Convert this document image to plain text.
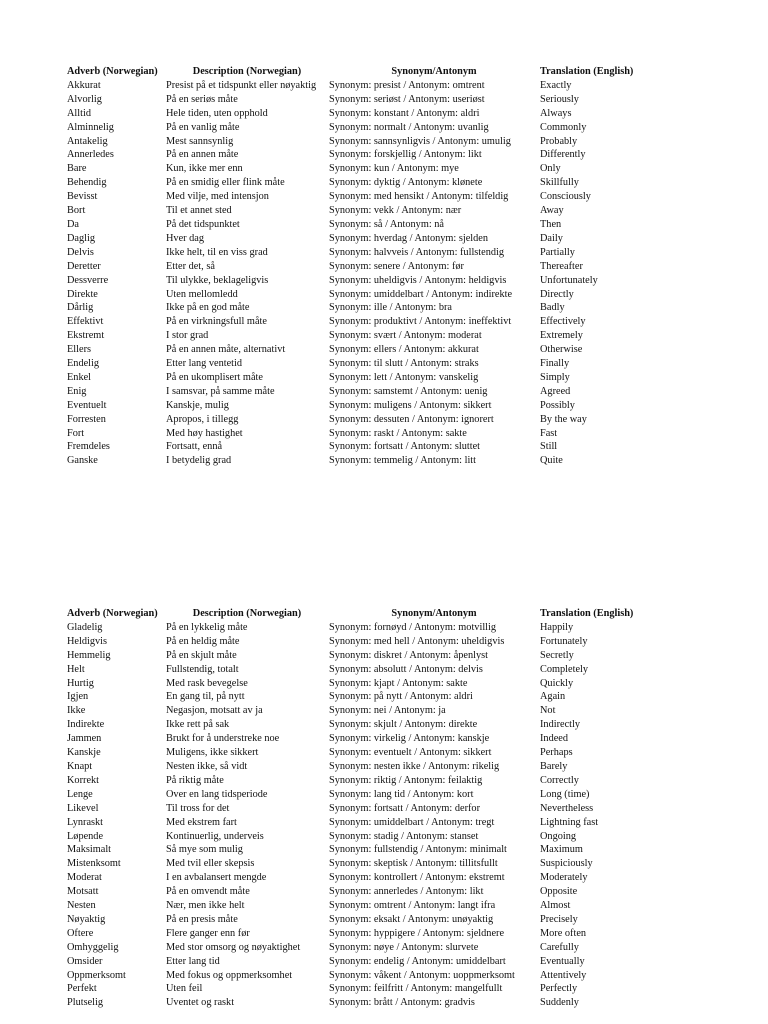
Adverb (Norwegian)	Description (Norwegian)	Synonym/Antonym	Translation (English)
Akkurat	Presist på et tidspunkt eller nøyaktig	Synonym: presist / Antonym: omtrent	Exactly
Alvorlig	På en seriøs måte	Synonym: seriøst / Antonym: useriøst	Seriously
Alltid	Hele tiden, uten opphold	Synonym: konstant / Antonym: aldri	Always
Alminnelig	På en vanlig måte	Synonym: normalt / Antonym: uvanlig	Commonly
Antakelig	Mest sannsynlig	Synonym: sannsynligvis / Antonym: umulig	Probably
Annerledes	På en annen måte	Synonym: forskjellig / Antonym: likt	Differently
Bare	Kun, ikke mer enn	Synonym: kun / Antonym: mye	Only
Behendig	På en smidig eller flink måte	Synonym: dyktig / Antonym: klønete	Skillfully
Bevisst	Med vilje, med intensjon	Synonym: med hensikt / Antonym: tilfeldig	Consciously
Bort	Til et annet sted	Synonym: vekk / Antonym: nær	Away
Da	På det tidspunktet	Synonym: så / Antonym: nå	Then
Daglig	Hver dag	Synonym: hverdag / Antonym: sjelden	Daily
Delvis	Ikke helt, til en viss grad	Synonym: halvveis / Antonym: fullstendig	Partially
Deretter	Etter det, så	Synonym: senere / Antonym: før	Thereafter
Dessverre	Til ulykke, beklageligvis	Synonym: uheldigvis / Antonym: heldigvis	Unfortunately
Direkte	Uten mellomledd	Synonym: umiddelbart / Antonym: indirekte	Directly
Dårlig	Ikke på en god måte	Synonym: ille / Antonym: bra	Badly
Effektivt	På en virkningsfull måte	Synonym: produktivt / Antonym: ineffektivt	Effectively
Ekstremt	I stor grad	Synonym: svært / Antonym: moderat	Extremely
Ellers	På en annen måte, alternativt	Synonym: ellers / Antonym: akkurat	Otherwise
Endelig	Etter lang ventetid	Synonym: til slutt / Antonym: straks	Finally
Enkel	På en ukomplisert måte	Synonym: lett / Antonym: vanskelig	Simply
Enig	I samsvar, på samme måte	Synonym: samstemt / Antonym: uenig	Agreed
Eventuelt	Kanskje, mulig	Synonym: muligens / Antonym: sikkert	Possibly
Forresten	Apropos, i tillegg	Synonym: dessuten / Antonym: ignorert	By the way
Fort	Med høy hastighet	Synonym: raskt / Antonym: sakte	Fast
Fremdeles	Fortsatt, ennå	Synonym: fortsatt / Antonym: sluttet	Still
Ganske	I betydelig grad	Synonym: temmelig / Antonym: litt	Quite
Adverb (Norwegian)	Description (Norwegian)	Synonym/Antonym	Translation (English)
Gladelig	På en lykkelig måte	Synonym: fornøyd / Antonym: motvillig	Happily
Heldigvis	På en heldig måte	Synonym: med hell / Antonym: uheldigvis	Fortunately
Hemmelig	På en skjult måte	Synonym: diskret / Antonym: åpenlyst	Secretly
Helt	Fullstendig, totalt	Synonym: absolutt / Antonym: delvis	Completely
Hurtig	Med rask bevegelse	Synonym: kjapt / Antonym: sakte	Quickly
Igjen	En gang til, på nytt	Synonym: på nytt / Antonym: aldri	Again
Ikke	Negasjon, motsatt av ja	Synonym: nei / Antonym: ja	Not
Indirekte	Ikke rett på sak	Synonym: skjult / Antonym: direkte	Indirectly
Jammen	Brukt for å understreke noe	Synonym: virkelig / Antonym: kanskje	Indeed
Kanskje	Muligens, ikke sikkert	Synonym: eventuelt / Antonym: sikkert	Perhaps
Knapt	Nesten ikke, så vidt	Synonym: nesten ikke / Antonym: rikelig	Barely
Korrekt	På riktig måte	Synonym: riktig / Antonym: feilaktig	Correctly
Lenge	Over en lang tidsperiode	Synonym: lang tid / Antonym: kort	Long (time)
Likevel	Til tross for det	Synonym: fortsatt / Antonym: derfor	Nevertheless
Lynraskt	Med ekstrem fart	Synonym: umiddelbart / Antonym: tregt	Lightning fast
Løpende	Kontinuerlig, underveis	Synonym: stadig / Antonym: stanset	Ongoing
Maksimalt	Så mye som mulig	Synonym: fullstendig / Antonym: minimalt	Maximum
Mistenksomt	Med tvil eller skepsis	Synonym: skeptisk / Antonym: tillitsfullt	Suspiciously
Moderat	I en avbalansert mengde	Synonym: kontrollert / Antonym: ekstremt	Moderately
Motsatt	På en omvendt måte	Synonym: annerledes / Antonym: likt	Opposite
Nesten	Nær, men ikke helt	Synonym: omtrent / Antonym: langt ifra	Almost
Nøyaktig	På en presis måte	Synonym: eksakt / Antonym: unøyaktig	Precisely
Oftere	Flere ganger enn før	Synonym: hyppigere / Antonym: sjeldnere	More often
Omhyggelig	Med stor omsorg og nøyaktighet	Synonym: nøye / Antonym: slurvete	Carefully
Omsider	Etter lang tid	Synonym: endelig / Antonym: umiddelbart	Eventually
Oppmerksomt	Med fokus og oppmerksomhet	Synonym: våkent / Antonym: uoppmerksomt	Attentively
Perfekt	Uten feil	Synonym: feilfritt / Antonym: mangelfullt	Perfectly
Plutselig	Uventet og raskt	Synonym: brått / Antonym: gradvis	Suddenly
